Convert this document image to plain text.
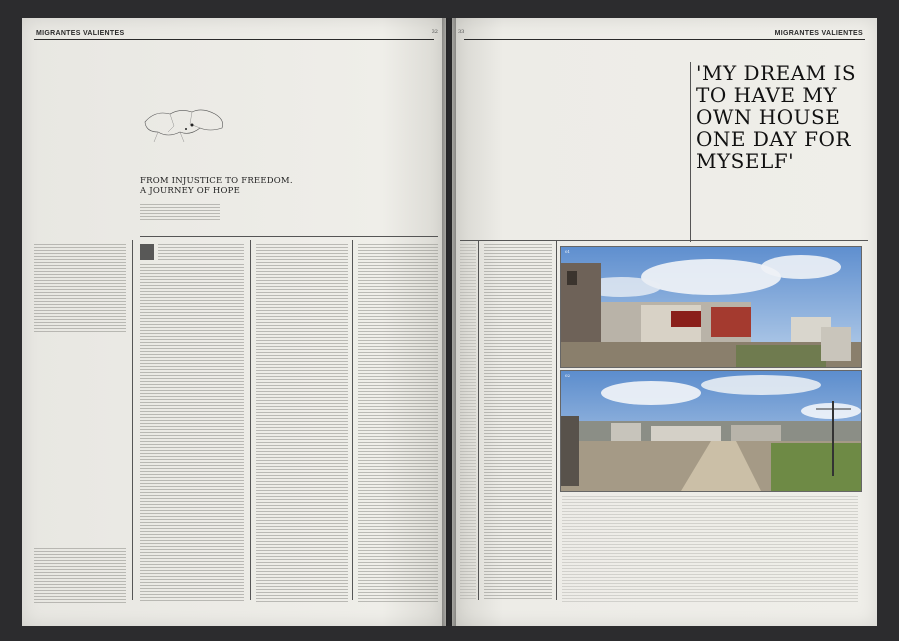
MIGRANTES VALIENTES	32
FROM INJUSTICE TO FREEDOM.
A JOURNEY OF HOPE
33	MIGRANTES VALIENTES
'MY DREAM IS TO HAVE MY OWN HOUSE ONE DAY FOR MYSELF'
01
02
